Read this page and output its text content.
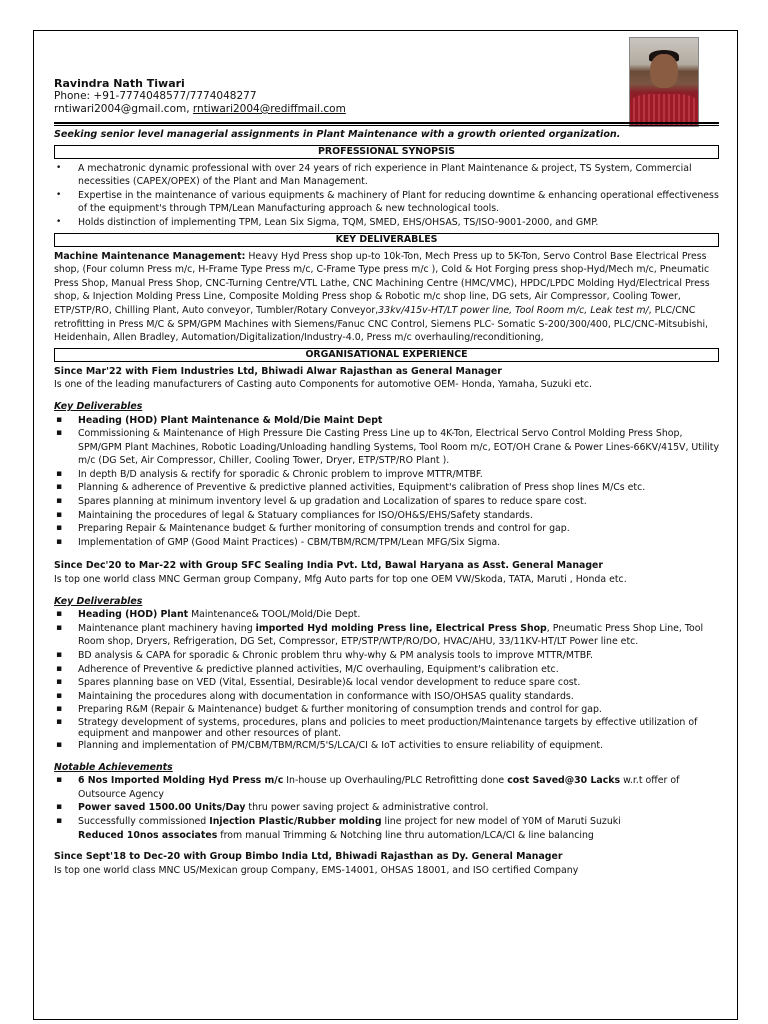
Ravindra Nath Tiwari
Phone: +91-7774048577/7774048277
rntiwari2004@gmail.com, rntiwari2004@rediffmail.com
Seeking senior level managerial assignments in Plant Maintenance with a growth oriented organization.
PROFESSIONAL SYNOPSIS
• A mechatronic dynamic professional with over 24 years of rich experience in Plant Maintenance & project, TS System, Commercial necessities (CAPEX/OPEX) of the Plant and Man Management.
• Expertise in the maintenance of various equipments & machinery of Plant for reducing downtime & enhancing operational effectiveness of the equipment's through TPM/Lean Manufacturing approach & new technological tools.
• Holds distinction of implementing TPM, Lean Six Sigma, TQM, SMED, EHS/OHSAS, TS/ISO-9001-2000, and GMP.
KEY DELIVERABLES
Machine Maintenance Management: Heavy Hyd Press shop up-to 10k-Ton, Mech Press up to 5K-Ton, Servo Control Base Electrical Press shop, (Four column Press m/c, H-Frame Type Press m/c, C-Frame Type press m/c ), Cold & Hot Forging press shop-Hyd/Mech m/c, Pneumatic Press Shop, Manual Press Shop, CNC-Turning Centre/VTL Lathe, CNC Machining Centre (HMC/VMC), HPDC/LPDC Molding Hyd/Electrical Press shop, & Injection Molding Press Line, Composite Molding Press shop & Robotic m/c shop line, DG sets, Air Compressor, Cooling Tower, ETP/STP/RO, Chilling Plant, Auto conveyor, Tumbler/Rotary Conveyor,33kv/415v-HT/LT power line, Tool Room m/c, Leak test m/, PLC/CNC retrofitting in Press M/C & SPM/GPM Machines with Siemens/Fanuc CNC Control, Siemens PLC- Somatic S-200/300/400, PLC/CNC-Mitsubishi, Heidenhain, Allen Bradley, Automation/Digitalization/Industry-4.0, Press m/c overhauling/reconditioning,
ORGANISATIONAL EXPERIENCE
Since Mar'22 with Fiem Industries Ltd, Bhiwadi Alwar Rajasthan as General Manager
Is one of the leading manufacturers of Casting auto Components for automotive OEM- Honda, Yamaha, Suzuki etc.
Key Deliverables
▪ Heading (HOD) Plant Maintenance & Mold/Die Maint Dept
▪ Commissioning & Maintenance of High Pressure Die Casting Press Line up to 4K-Ton, Electrical Servo Control Molding Press Shop, SPM/GPM Plant Machines, Robotic Loading/Unloading handling Systems, Tool Room m/c, EOT/OH Crane & Power Lines-66KV/415V, Utility m/c (DG Set, Air Compressor, Chiller, Cooling Tower, Dryer, ETP/STP/RO Plant ).
▪ In depth B/D analysis & rectify for sporadic & Chronic problem to improve MTTR/MTBF.
▪ Planning & adherence of Preventive & predictive planned activities, Equipment's calibration of Press shop lines M/Cs etc.
▪ Spares planning at minimum inventory level & up gradation and Localization of spares to reduce spare cost.
▪ Maintaining the procedures of legal & Statuary compliances for ISO/OH&S/EHS/Safety standards.
▪ Preparing Repair & Maintenance budget & further monitoring of consumption trends and control for gap.
▪ Implementation of GMP (Good Maint Practices) - CBM/TBM/RCM/TPM/Lean MFG/Six Sigma.
Since Dec'20 to Mar-22 with Group SFC Sealing India Pvt. Ltd, Bawal Haryana as Asst. General Manager
Is top one world class MNC German group Company, Mfg Auto parts for top one OEM VW/Skoda, TATA, Maruti , Honda etc.
Key Deliverables
▪ Heading (HOD) Plant Maintenance& TOOL/Mold/Die Dept.
▪ Maintenance plant machinery having imported Hyd molding Press line, Electrical Press Shop, Pneumatic Press Shop Line, Tool Room shop, Dryers, Refrigeration, DG Set, Compressor, ETP/STP/WTP/RO/DO, HVAC/AHU, 33/11KV-HT/LT Power line etc.
▪ BD analysis & CAPA for sporadic & Chronic problem thru why-why & PM analysis tools to improve MTTR/MTBF.
▪ Adherence of Preventive & predictive planned activities, M/C overhauling, Equipment's calibration etc.
▪ Spares planning base on VED (Vital, Essential, Desirable)& local vendor development to reduce spare cost.
▪ Maintaining the procedures along with documentation in conformance with ISO/OHSAS quality standards.
▪ Preparing R&M (Repair & Maintenance) budget & further monitoring of consumption trends and control for gap.
▪ Strategy development of systems, procedures, plans and policies to meet production/Maintenance targets by effective utilization of equipment and manpower and other resources of plant.
▪ Planning and implementation of PM/CBM/TBM/RCM/5'S/LCA/CI & IoT activities to ensure reliability of equipment.
Notable Achievements
▪ 6 Nos Imported Molding Hyd Press m/c In-house up Overhauling/PLC Retrofitting done cost Saved@30 Lacks w.r.t offer of Outsource Agency
▪ Power saved 1500.00 Units/Day thru power saving project & administrative control.
▪ Successfully commissioned Injection Plastic/Rubber molding line project for new model of Y0M of Maruti Suzuki
Reduced 10nos associates from manual Trimming & Notching line thru automation/LCA/CI & line balancing
Since Sept'18 to Dec-20 with Group Bimbo India Ltd, Bhiwadi Rajasthan as Dy. General Manager
Is top one world class MNC US/Mexican group Company, EMS-14001, OHSAS 18001, and ISO certified Company
